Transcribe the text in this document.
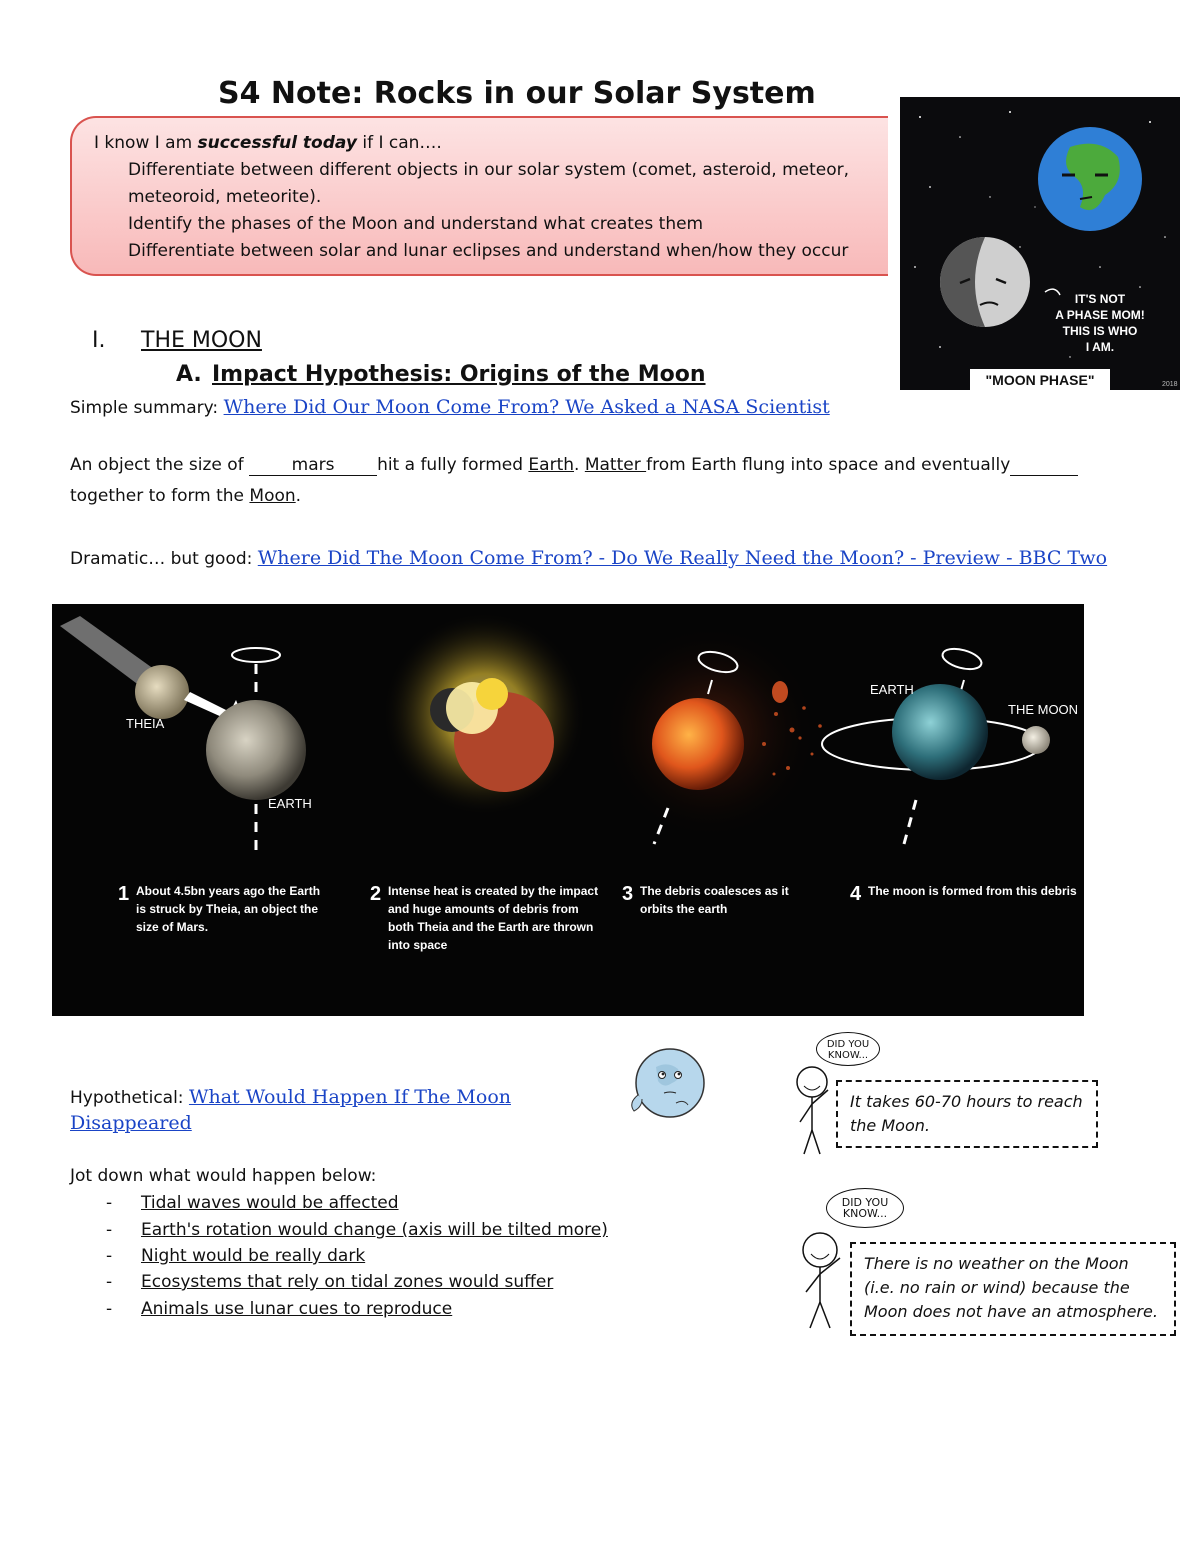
S4 Note: Rocks in our Solar System
I know I am successful today if I can….
Differentiate between different objects in our solar system (comet, asteroid, meteor,
meteoroid, meteorite).
Identify the phases of the Moon and understand what creates them
Differentiate between solar and lunar eclipses and understand when/how they occur
IT'S NOT
A PHASE MOM!
THIS IS WHO
I AM.
"MOON PHASE"	2018
I. THE MOON
A. Impact Hypothesis: Origins of the Moon
Simple summary: Where Did Our Moon Come From? We Asked a NASA Scientist
An object the size of	mars	hit a fully formed Earth. Matter from Earth flung into space and eventually
together to form the Moon.
Dramatic… but good: Where Did The Moon Come From? - Do We Really Need the Moon? - Preview - BBC Two
THEIA
EARTH
EARTH
THE MOON
1 About 4.5bn years ago the Earth
is struck by Theia, an object the
size of Mars.
2 Intense heat is created by the impact
and huge amounts of debris from
both Theia and the Earth are thrown
into space
3 The debris coalesces as it
orbits the earth
4 The moon is formed from this debris
Hypothetical: What Would Happen If The Moon
Disappeared
Jot down what would happen below:
- Tidal waves would be affected
- Earth's rotation would change (axis will be tilted more)
- Night would be really dark
- Ecosystems that rely on tidal zones would suffer
- Animals use lunar cues to reproduce
DID YOU
KNOW...
It takes 60-70 hours to reach
the Moon.
DID YOU
KNOW...
There is no weather on the Moon
(i.e. no rain or wind) because the
Moon does not have an atmosphere.
